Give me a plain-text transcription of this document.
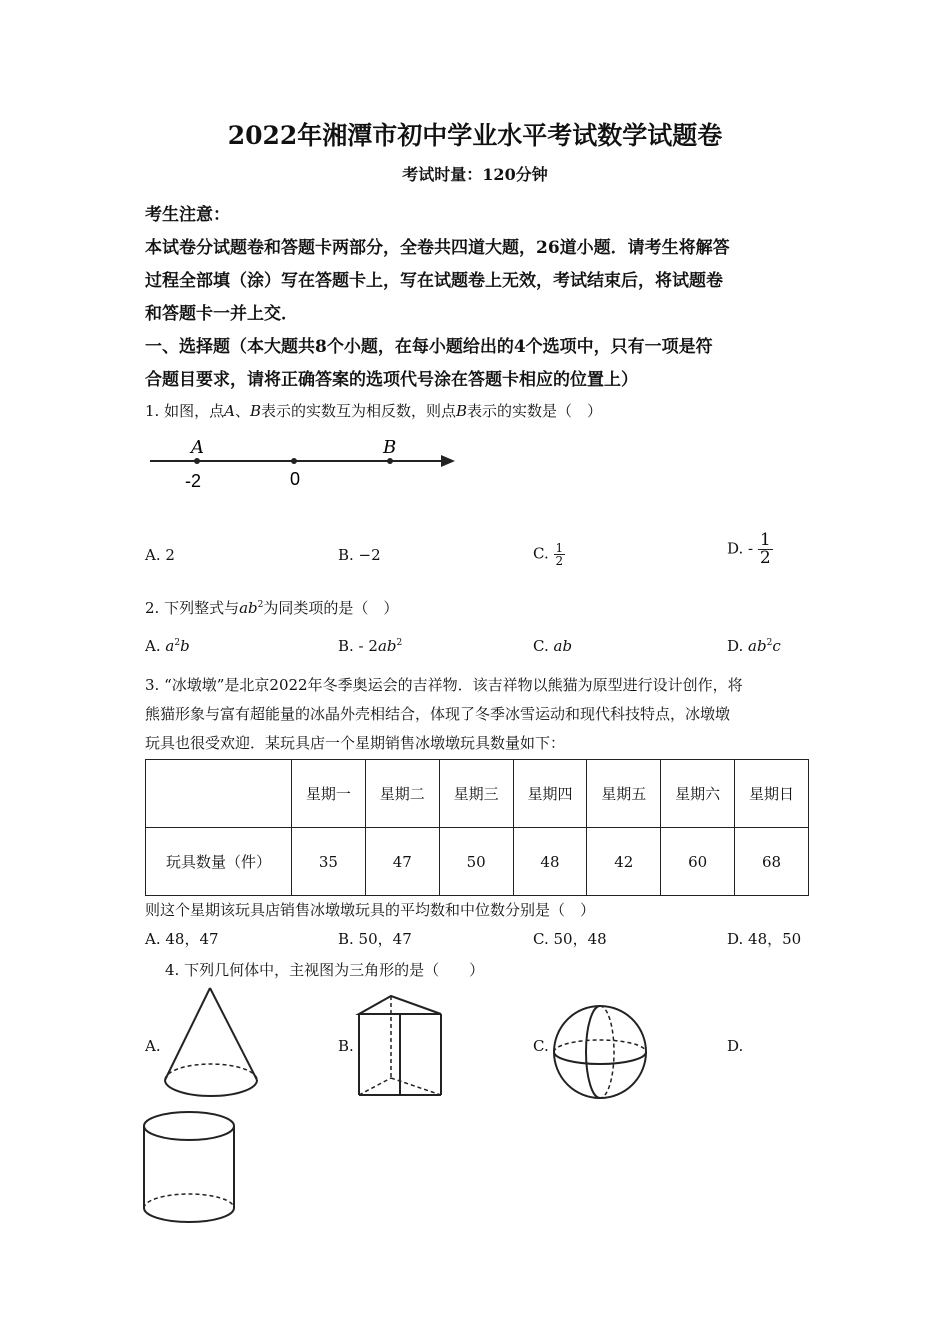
2022年湘潭市初中学业水平考试数学试题卷
考试时量：120分钟
考生注意：
本试卷分试题卷和答题卡两部分，全卷共四道大题，26道小题．请考生将解答
过程全部填（涂）写在答题卡上，写在试题卷上无效，考试结束后，将试题卷
和答题卡一并上交．
一、选择题（本大题共8个小题，在每小题给出的4个选项中，只有一项是符
合题目要求，请将正确答案的选项代号涂在答题卡相应的位置上）
1. 如图，点A、B表示的实数互为相反数，则点B表示的实数是（　）
A	B
-2	0
A. 2	B. −2	C. $\frac{1}{2}$	D. - $\frac{1}{2}$
2. 下列整式与$ab^2$为同类项的是（　）
A. $a^2b$	B. - $2ab^2$	C. ab	D. $ab^2c$
3. “冰墩墩”是北京2022年冬季奥运会的吉祥物．该吉祥物以熊猫为原型进行设计创作，将
熊猫形象与富有超能量的冰晶外壳相结合，体现了冬季冰雪运动和现代科技特点，冰墩墩
玩具也很受欢迎．某玩具店一个星期销售冰墩墩玩具数量如下：
	星期一	星期二	星期三	星期四	星期五	星期六	星期日
玩具数量（件）	35	47	50	48	42	60	68
则这个星期该玩具店销售冰墩墩玩具的平均数和中位数分别是（　）
A. 48，47	B. 50，47	C. 50，48	D. 48，50
4. 下列几何体中，主视图为三角形的是（　　）
A.	B.	C.	D.
